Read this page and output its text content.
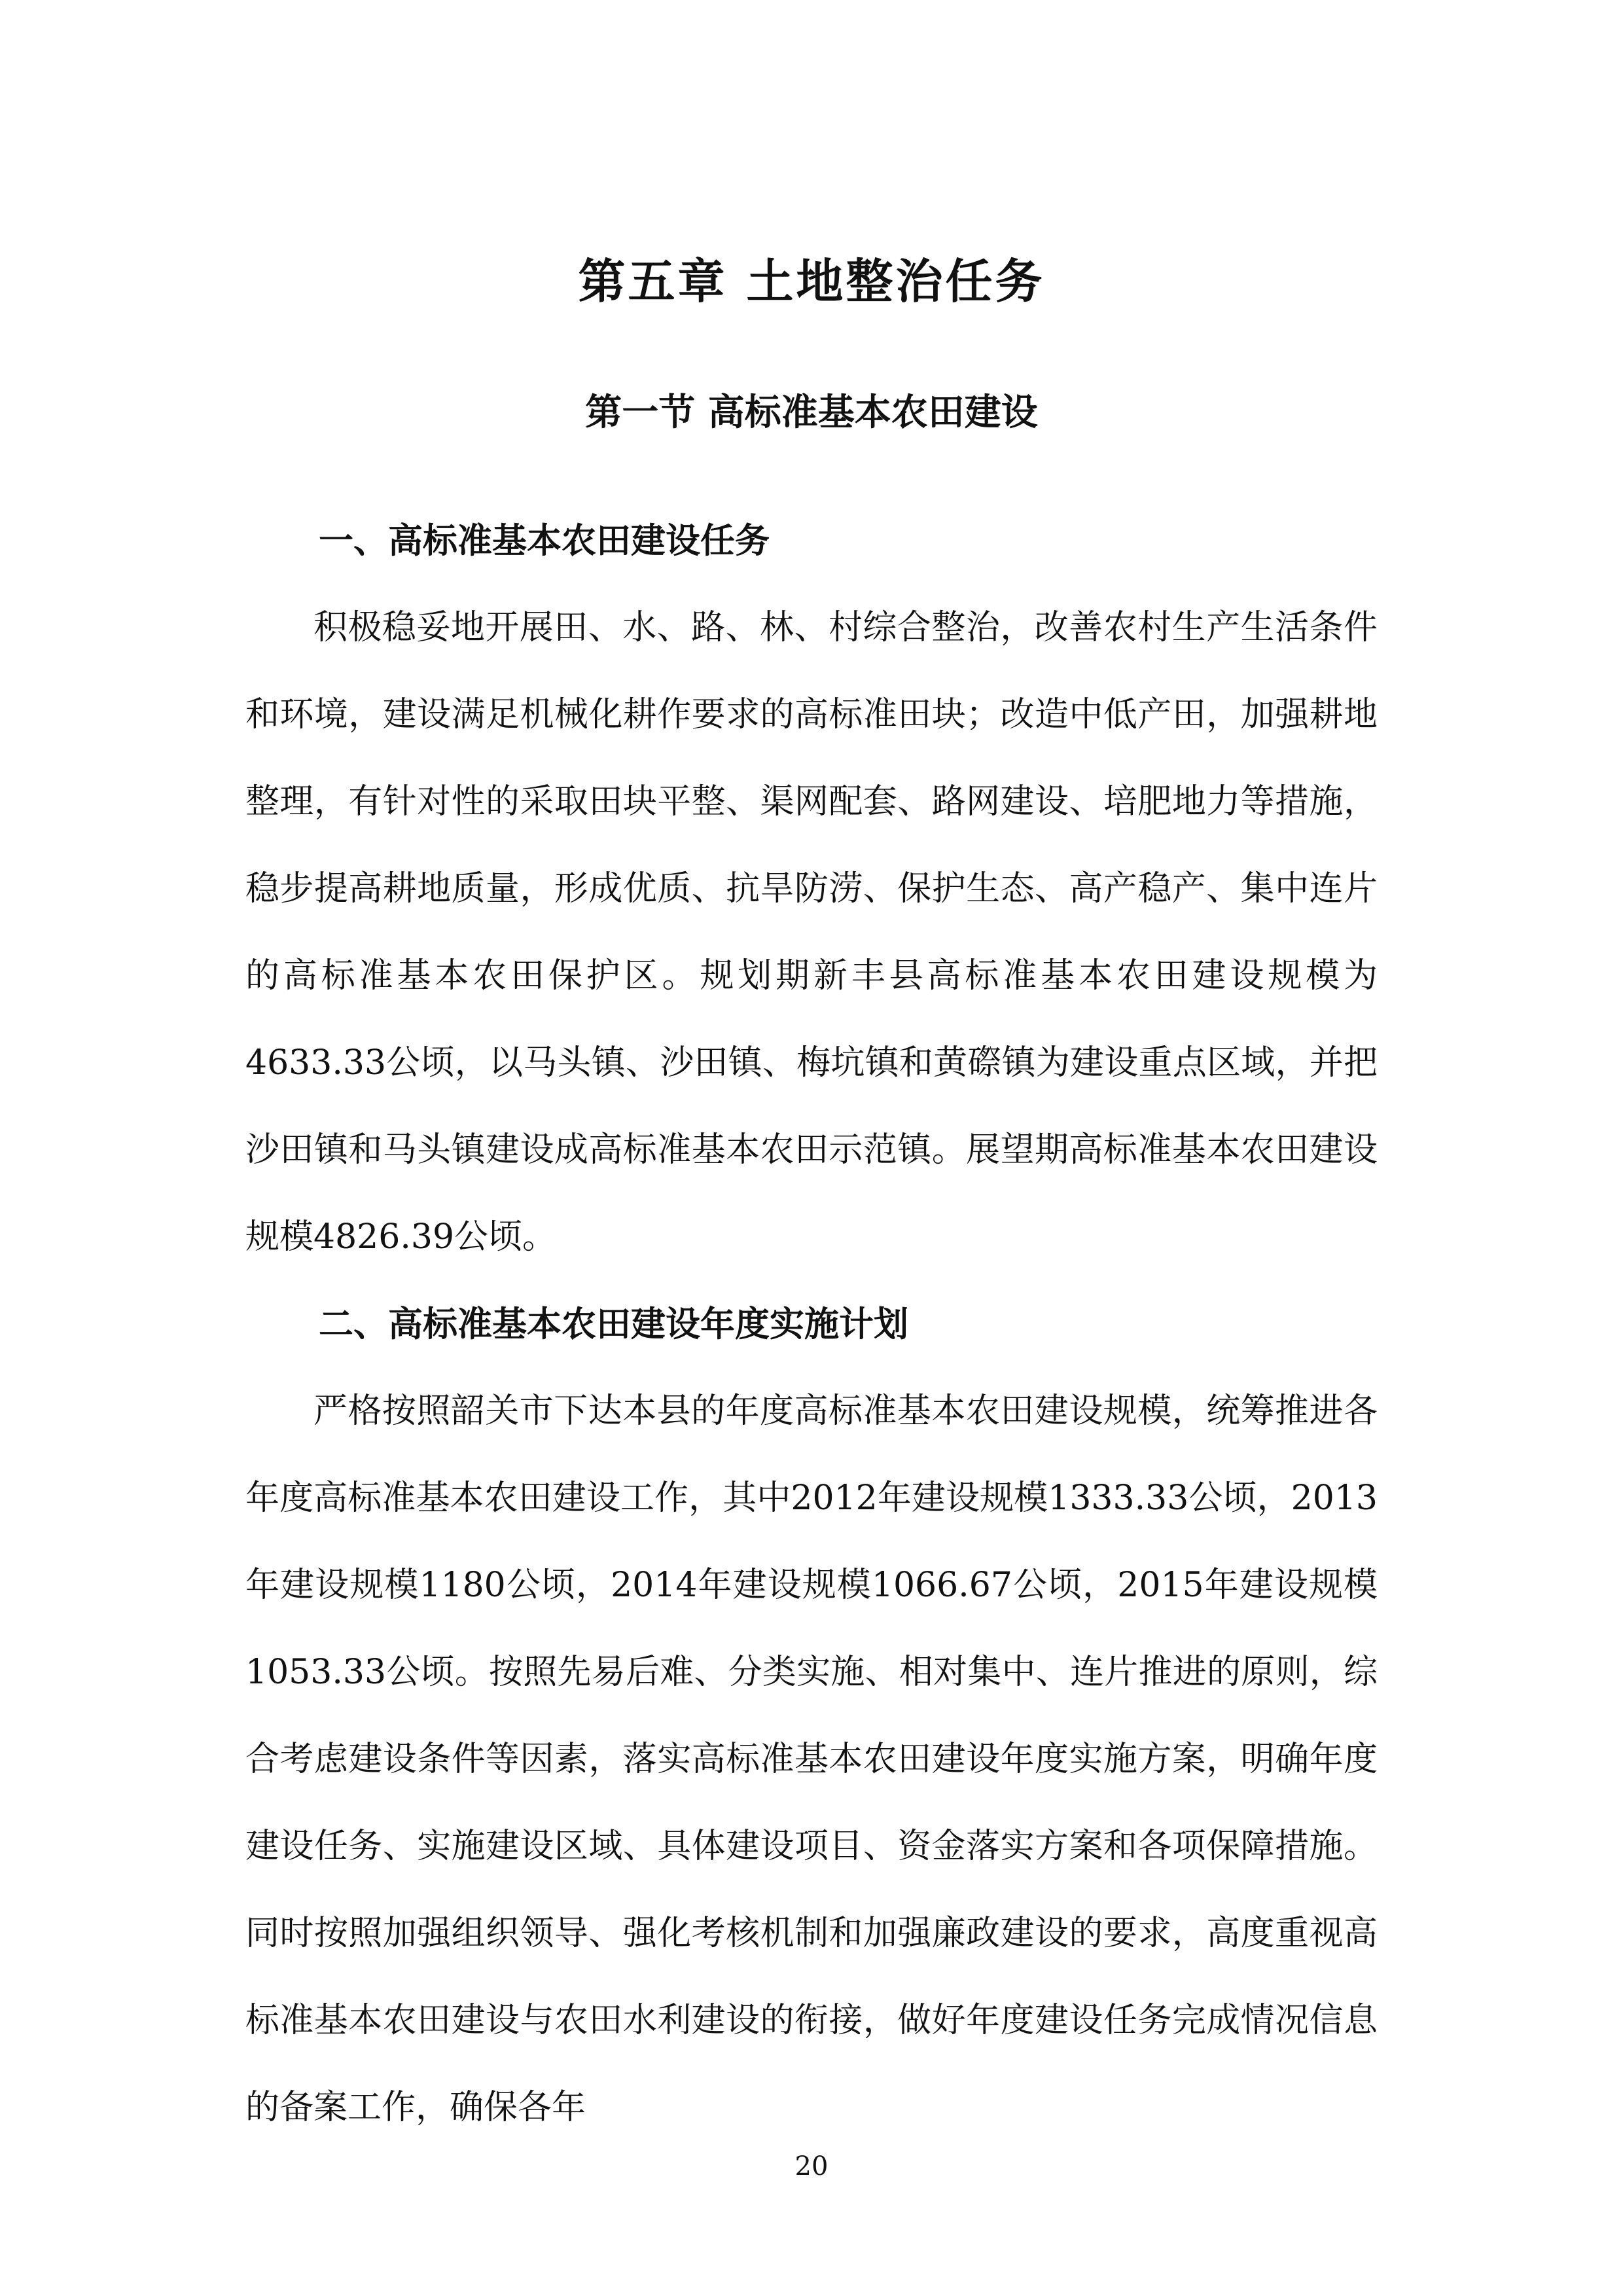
第五章 土地整治任务
第一节 高标准基本农田建设
一、高标准基本农田建设任务

积极稳妥地开展田、水、路、林、村综合整治，改善农村生产生活条件和环境，建设满足机械化耕作要求的高标准田块；改造中低产田，加强耕地整理，有针对性的采取田块平整、渠网配套、路网建设、培肥地力等措施，稳步提高耕地质量，形成优质、抗旱防涝、保护生态、高产稳产、集中连片的高标准基本农田保护区。规划期新丰县高标准基本农田建设规模为4633.33公顷，以马头镇、沙田镇、梅坑镇和黄磜镇为建设重点区域，并把沙田镇和马头镇建设成高标准基本农田示范镇。展望期高标准基本农田建设规模4826.39公顷。

二、高标准基本农田建设年度实施计划

严格按照韶关市下达本县的年度高标准基本农田建设规模，统筹推进各年度高标准基本农田建设工作，其中2012年建设规模1333.33公顷，2013年建设规模1180公顷，2014年建设规模1066.67公顷，2015年建设规模1053.33公顷。按照先易后难、分类实施、相对集中、连片推进的原则，综合考虑建设条件等因素，落实高标准基本农田建设年度实施方案，明确年度建设任务、实施建设区域、具体建设项目、资金落实方案和各项保障措施。同时按照加强组织领导、强化考核机制和加强廉政建设的要求，高度重视高标准基本农田建设与农田水利建设的衔接，做好年度建设任务完成情况信息的备案工作，确保各年

20
